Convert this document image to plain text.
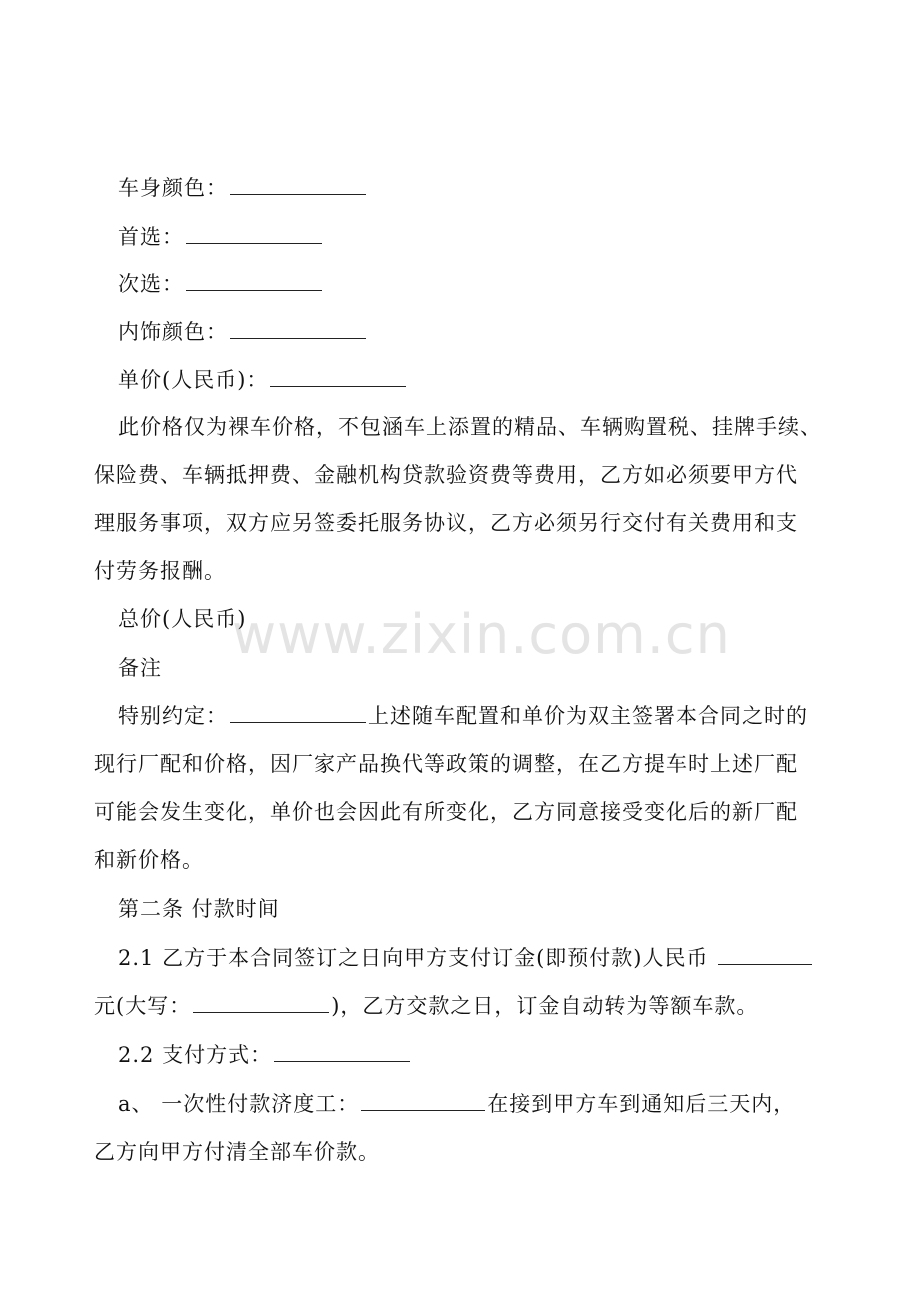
车身颜色：
首选：
次选：
内饰颜色：
单价(人民币)：
此价格仅为裸车价格，不包涵车上添置的精品、车辆购置税、挂牌手续、
保险费、车辆抵押费、金融机构贷款验资费等费用，乙方如必须要甲方代
理服务事项，双方应另签委托服务协议，乙方必须另行交付有关费用和支
付劳务报酬。
总价(人民币)
备注
特别约定：	上述随车配置和单价为双主签署本合同之时的
现行厂配和价格，因厂家产品换代等政策的调整，在乙方提车时上述厂配
可能会发生变化，单价也会因此有所变化，乙方同意接受变化后的新厂配
和新价格。
第二条 付款时间
2.1 乙方于本合同签订之日向甲方支付订金(即预付款)人民币
元(大写：	)，乙方交款之日，订金自动转为等额车款。
2.2 支付方式：
a、 一次性付款济度工：	在接到甲方车到通知后三天内，
乙方向甲方付清全部车价款。
www.zixin.com.cn
